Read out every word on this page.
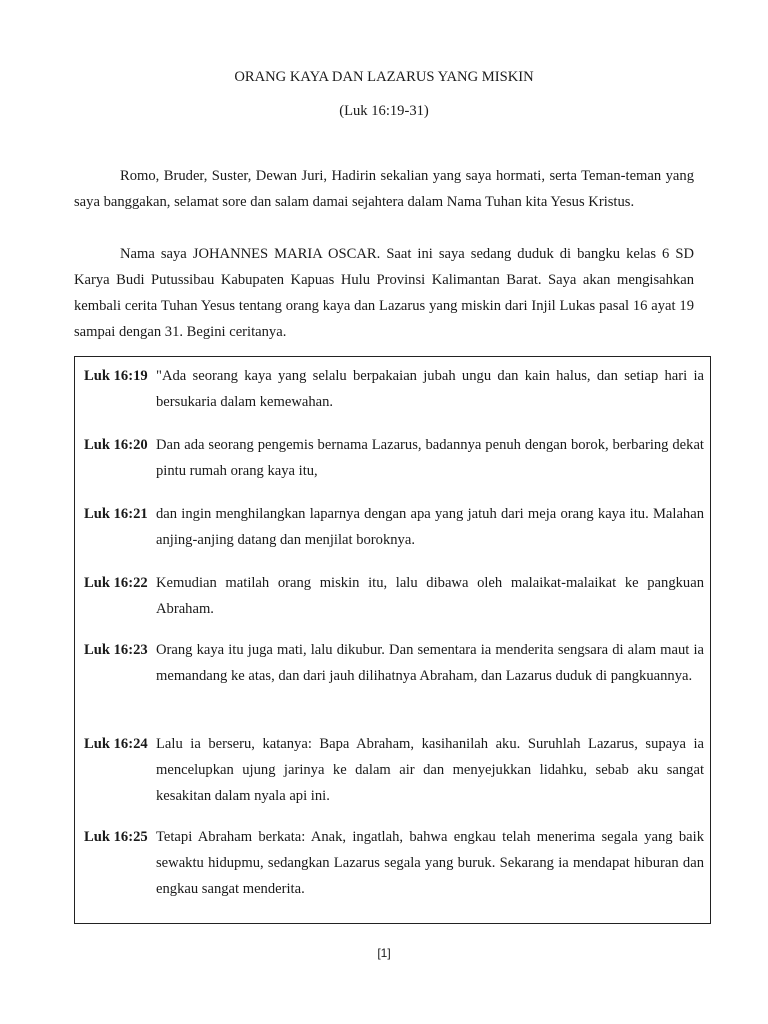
ORANG KAYA DAN LAZARUS YANG MISKIN
(Luk 16:19-31)

Romo, Bruder, Suster, Dewan Juri, Hadirin sekalian yang saya hormati, serta Teman-teman yang saya banggakan, selamat sore dan salam damai sejahtera dalam Nama Tuhan kita Yesus Kristus.

Nama saya JOHANNES MARIA OSCAR. Saat ini saya sedang duduk di bangku kelas 6 SD Karya Budi Putussibau Kabupaten Kapuas Hulu Provinsi Kalimantan Barat. Saya akan mengisahkan kembali cerita Tuhan Yesus tentang orang kaya dan Lazarus yang miskin dari Injil Lukas pasal 16 ayat 19 sampai dengan 31. Begini ceritanya.

Luk 16:19 "Ada seorang kaya yang selalu berpakaian jubah ungu dan kain halus, dan setiap hari ia bersukaria dalam kemewahan.

Luk 16:20 Dan ada seorang pengemis bernama Lazarus, badannya penuh dengan borok, berbaring dekat pintu rumah orang kaya itu,

Luk 16:21 dan ingin menghilangkan laparnya dengan apa yang jatuh dari meja orang kaya itu. Malahan anjing-anjing datang dan menjilat boroknya.

Luk 16:22 Kemudian matilah orang miskin itu, lalu dibawa oleh malaikat-malaikat ke pangkuan Abraham.

Luk 16:23 Orang kaya itu juga mati, lalu dikubur. Dan sementara ia menderita sengsara di alam maut ia memandang ke atas, dan dari jauh dilihatnya Abraham, dan Lazarus duduk di pangkuannya.

Luk 16:24 Lalu ia berseru, katanya: Bapa Abraham, kasihanilah aku. Suruhlah Lazarus, supaya ia mencelupkan ujung jarinya ke dalam air dan menyejukkan lidahku, sebab aku sangat kesakitan dalam nyala api ini.

Luk 16:25 Tetapi Abraham berkata: Anak, ingatlah, bahwa engkau telah menerima segala yang baik sewaktu hidupmu, sedangkan Lazarus segala yang buruk. Sekarang ia mendapat hiburan dan engkau sangat menderita.

[1]
